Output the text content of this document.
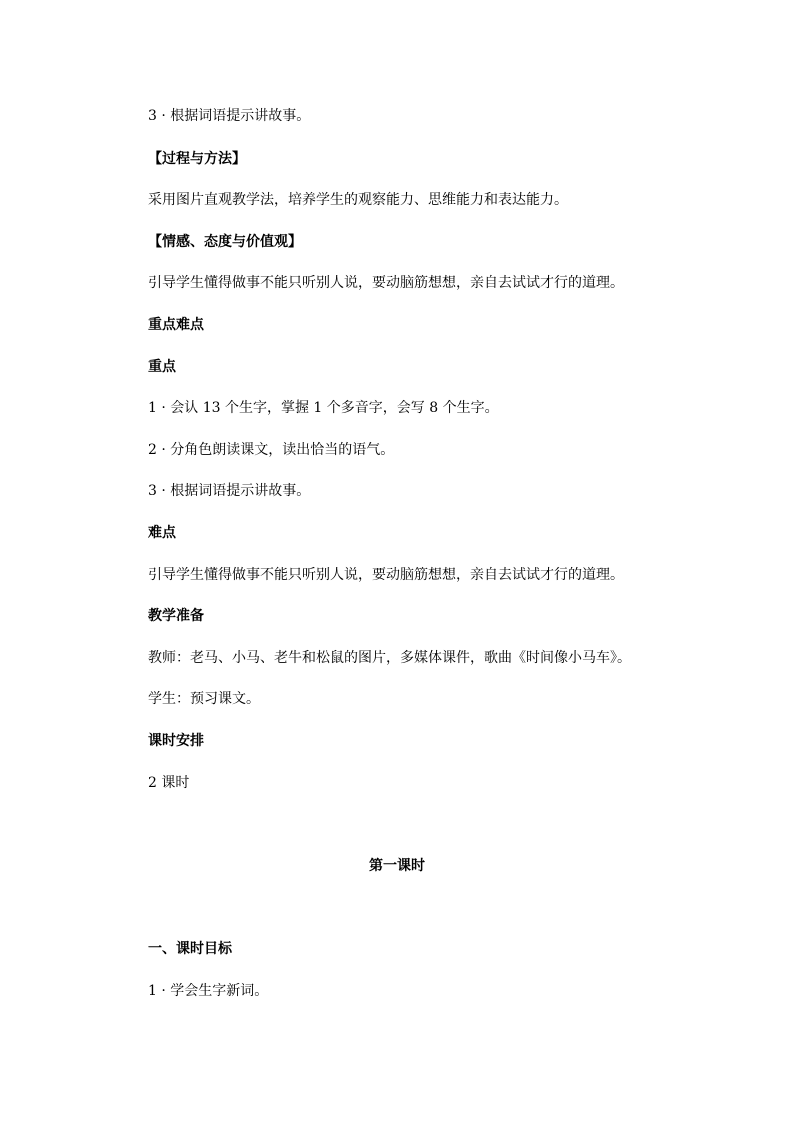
3 · 根据词语提示讲故事。
【过程与方法】
采用图片直观教学法，培养学生的观察能力、思维能力和表达能力。
【情感、态度与价值观】
引导学生懂得做事不能只听别人说，要动脑筋想想，亲自去试试才行的道理。
重点难点
重点
1 · 会认 13 个生字，掌握 1 个多音字，会写 8 个生字。
2 · 分角色朗读课文，读出恰当的语气。
3 · 根据词语提示讲故事。
难点
引导学生懂得做事不能只听别人说，要动脑筋想想，亲自去试试才行的道理。
教学准备
教师：老马、小马、老牛和松鼠的图片，多媒体课件，歌曲《时间像小马车》。
学生：预习课文。
课时安排
2 课时
第一课时
一、课时目标
1 · 学会生字新词。
